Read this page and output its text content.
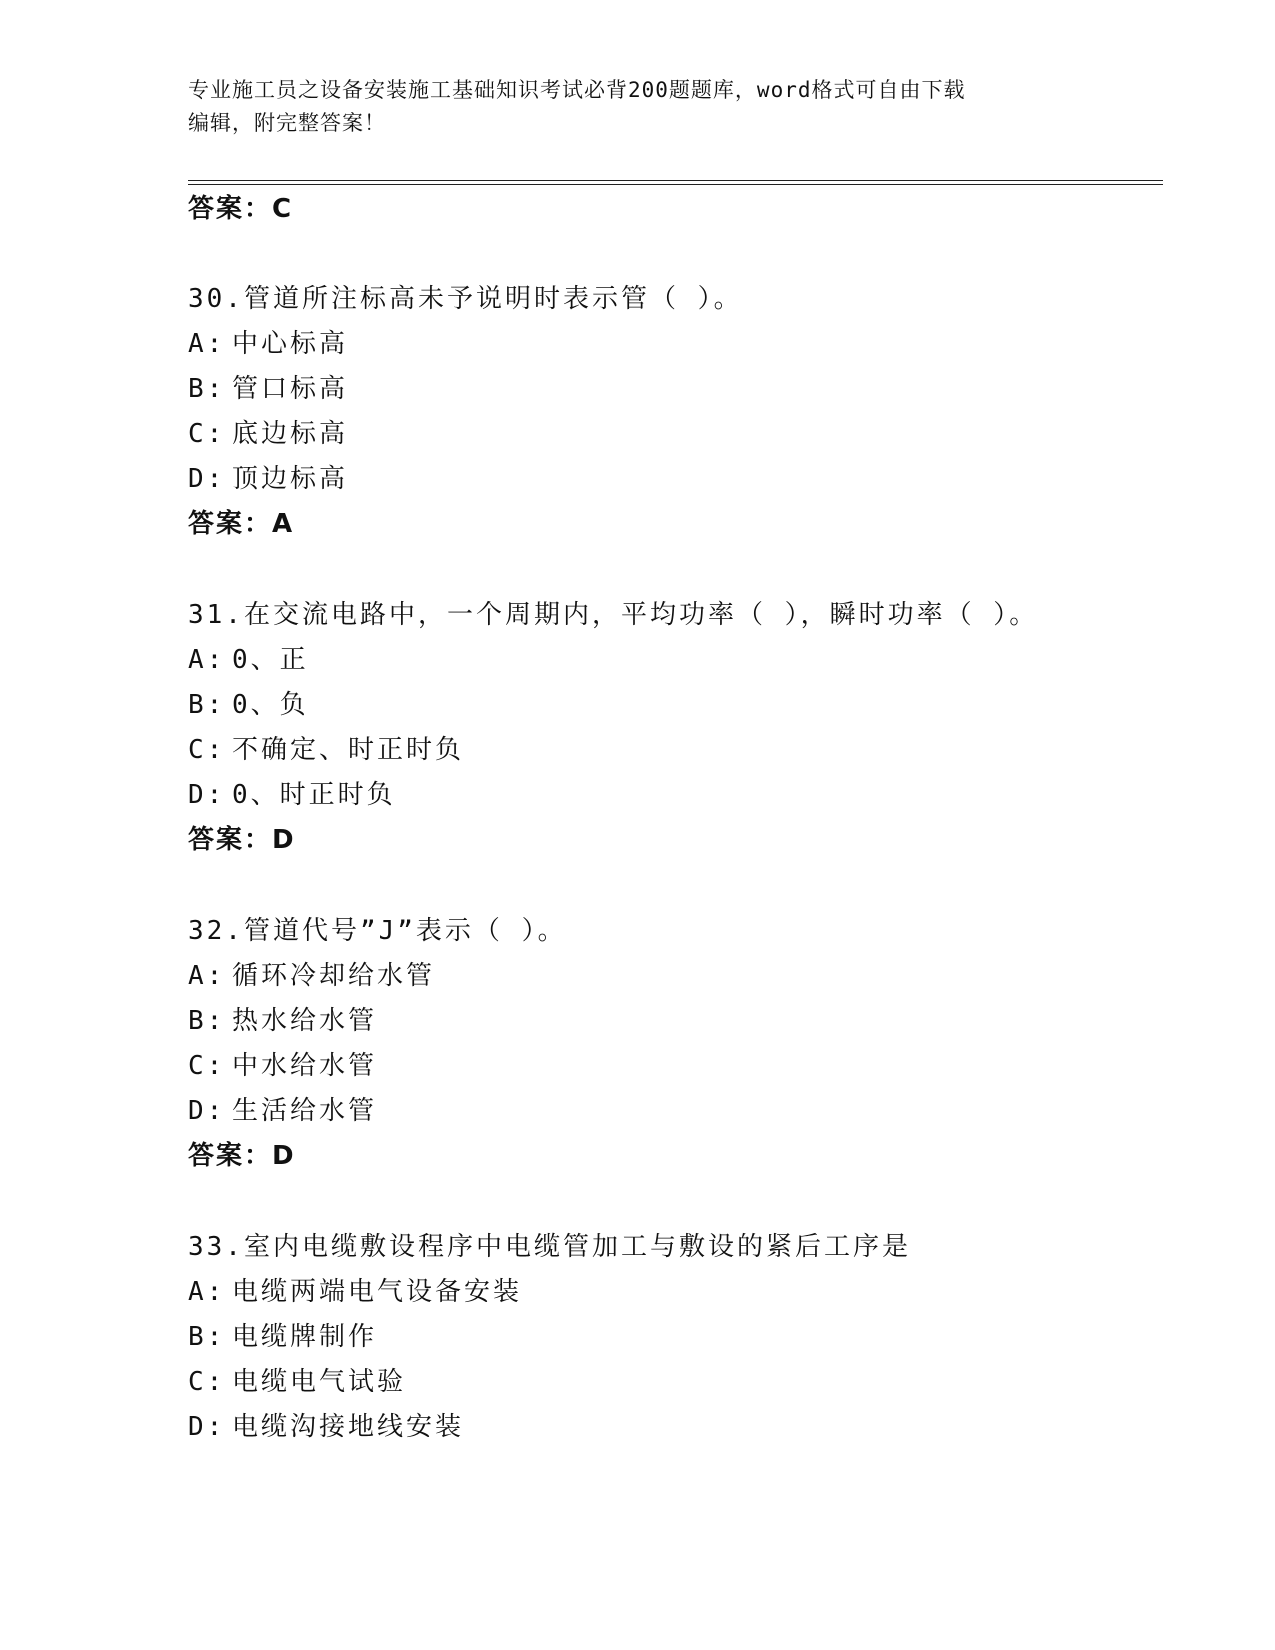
专业施工员之设备安装施工基础知识考试必背200题题库，word格式可自由下载
编辑，附完整答案！
答案：C
30.管道所注标高未予说明时表示管（ ）。
A: 中心标高
B: 管口标高
C: 底边标高
D: 顶边标高
答案：A
31.在交流电路中，一个周期内，平均功率（ ），瞬时功率（ ）。
A: 0、正
B: 0、负
C: 不确定、时正时负
D: 0、时正时负
答案：D
32.管道代号”J”表示（ ）。
A: 循环冷却给水管
B: 热水给水管
C: 中水给水管
D: 生活给水管
答案：D
33.室内电缆敷设程序中电缆管加工与敷设的紧后工序是
A: 电缆两端电气设备安装
B: 电缆牌制作
C: 电缆电气试验
D: 电缆沟接地线安装
